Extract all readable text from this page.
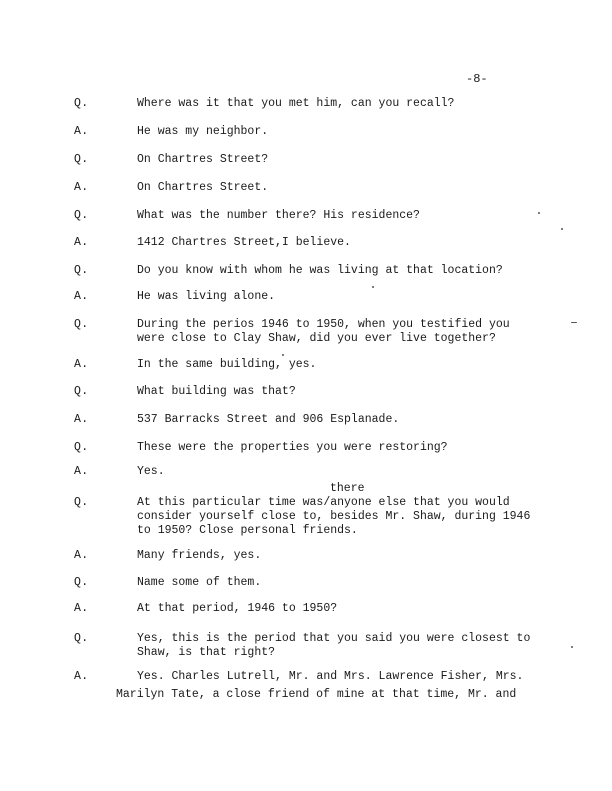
-8-
Q.	Where was it that you met him, can you recall?
A.	He was my neighbor.
Q.	On Chartres Street?
A.	On Chartres Street.
Q.	What was the number there? His residence?
A.	1412 Chartres Street,I believe.
Q.	Do you know with whom he was living at that location?
A.	He was living alone.
Q.	During the perios 1946 to 1950, when you testified you
were close to Clay Shaw, did you ever live together?
A.	In the same building, yes.
Q.	What building was that?
A.	537 Barracks Street and 906 Esplanade.
Q.	These were the properties you were restoring?
A.	Yes.
there
Q.	At this particular time was/anyone else that you would
consider yourself close to, besides Mr. Shaw, during 1946
to 1950? Close personal friends.
A.	Many friends, yes.
Q.	Name some of them.
A.	At that period, 1946 to 1950?
Q.	Yes, this is the period that you said you were closest to
Shaw, is that right?
A.	Yes. Charles Lutrell, Mr. and Mrs. Lawrence Fisher, Mrs.
Marilyn Tate, a close friend of mine at that time, Mr. and
